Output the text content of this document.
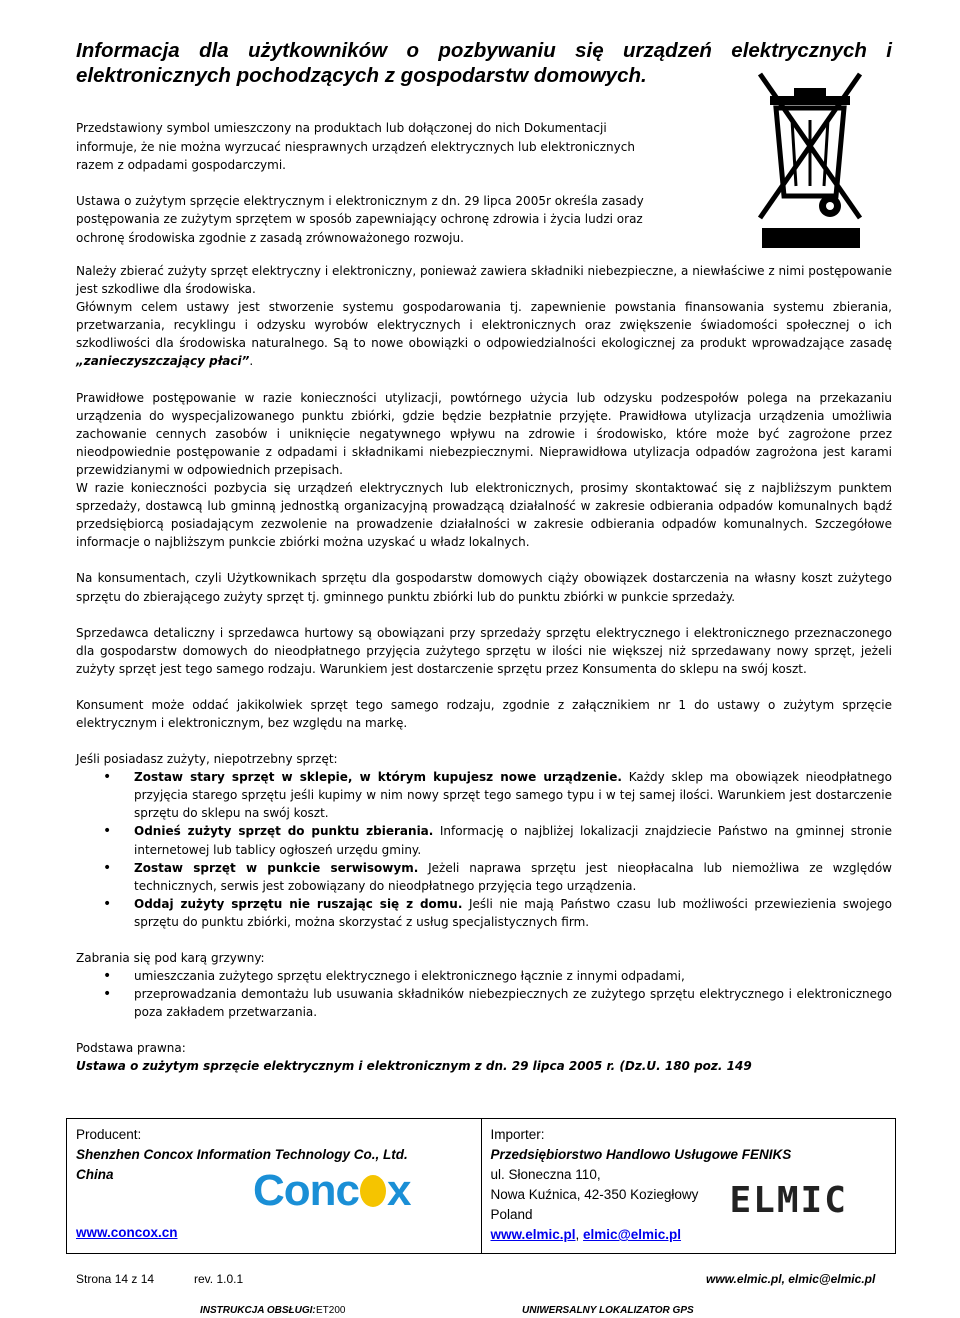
Informacja dla użytkowników o pozbywaniu się urządzeń elektrycznych i elektronicznych pochodzących z gospodarstw domowych.

Przedstawiony symbol umieszczony na produktach lub dołączonej do nich Dokumentacji informuje, że nie można wyrzucać niesprawnych urządzeń elektrycznych lub elektronicznych razem z odpadami gospodarczymi.

Ustawa o zużytym sprzęcie elektrycznym i elektronicznym z dn. 29 lipca 2005r określa zasady postępowania ze zużytym sprzętem w sposób zapewniający ochronę zdrowia i życia ludzi oraz ochronę środowiska zgodnie z zasadą zrównoważonego rozwoju.

Należy zbierać zużyty sprzęt elektryczny i elektroniczny, ponieważ zawiera składniki niebezpieczne, a niewłaściwe z nimi postępowanie jest szkodliwe dla środowiska.

Głównym celem ustawy jest stworzenie systemu gospodarowania tj. zapewnienie powstania finansowania systemu zbierania, przetwarzania, recyklingu i odzysku wyrobów elektrycznych i elektronicznych oraz zwiększenie świadomości społecznej o ich szkodliwości dla środowiska naturalnego. Są to nowe obowiązki o odpowiedzialności ekologicznej za produkt wprowadzające zasadę „zanieczyszczający płaci”.

Prawidłowe postępowanie w razie konieczności utylizacji, powtórnego użycia lub odzysku podzespołów polega na przekazaniu urządzenia do wyspecjalizowanego punktu zbiórki, gdzie będzie bezpłatnie przyjęte. Prawidłowa utylizacja urządzenia umożliwia zachowanie cennych zasobów i uniknięcie negatywnego wpływu na zdrowie i środowisko, które może być zagrożone przez nieodpowiednie postępowanie z odpadami i składnikami niebezpiecznymi. Nieprawidłowa utylizacja odpadów zagrożona jest karami przewidzianymi w odpowiednich przepisach.

W razie konieczności pozbycia się urządzeń elektrycznych lub elektronicznych, prosimy skontaktować się z najbliższym punktem sprzedaży, dostawcą lub gminną jednostką organizacyjną prowadzącą działalność w zakresie odbierania odpadów komunalnych bądź przedsiębiorcą posiadającym zezwolenie na prowadzenie działalności w zakresie odbierania odpadów komunalnych. Szczegółowe informacje o najbliższym punkcie zbiórki można uzyskać u władz lokalnych.

Na konsumentach, czyli Użytkownikach sprzętu dla gospodarstw domowych ciąży obowiązek dostarczenia na własny koszt zużytego sprzętu do zbierającego zużyty sprzęt tj. gminnego punktu zbiórki lub do punktu zbiórki w punkcie sprzedaży.

Sprzedawca detaliczny i sprzedawca hurtowy są obowiązani przy sprzedaży sprzętu elektrycznego i elektronicznego przeznaczonego dla gospodarstw domowych do nieodpłatnego przyjęcia zużytego sprzętu w ilości nie większej niż sprzedawany nowy sprzęt, jeżeli zużyty sprzęt jest tego samego rodzaju. Warunkiem jest dostarczenie sprzętu przez Konsumenta do sklepu na swój koszt.

Konsument może oddać jakikolwiek sprzęt tego samego rodzaju, zgodnie z załącznikiem nr 1 do ustawy o zużytym sprzęcie elektrycznym i elektronicznym, bez względu na markę.

Jeśli posiadasz zużyty, niepotrzebny sprzęt:

• Zostaw stary sprzęt w sklepie, w którym kupujesz nowe urządzenie. Każdy sklep ma obowiązek nieodpłatnego przyjęcia starego sprzętu jeśli kupimy w nim nowy sprzęt tego samego typu i w tej samej ilości. Warunkiem jest dostarczenie sprzętu do sklepu na swój koszt.
• Odnieś zużyty sprzęt do punktu zbierania. Informację o najbliżej lokalizacji znajdziecie Państwo na gminnej stronie internetowej lub tablicy ogłoszeń urzędu gminy.
• Zostaw sprzęt w punkcie serwisowym. Jeżeli naprawa sprzętu jest nieopłacalna lub niemożliwa ze względów technicznych, serwis jest zobowiązany do nieodpłatnego przyjęcia tego urządzenia.
• Oddaj zużyty sprzętu nie ruszając się z domu. Jeśli nie mają Państwo czasu lub możliwości przewiezienia swojego sprzętu do punktu zbiórki, można skorzystać z usług specjalistycznych firm.

Zabrania się pod karą grzywny:

• umieszczania zużytego sprzętu elektrycznego i elektronicznego łącznie z innymi odpadami,
• przeprowadzania demontażu lub usuwania składników niebezpiecznych ze zużytego sprzętu elektrycznego i elektronicznego poza zakładem przetwarzania.

Podstawa prawna:

Ustawa o zużytym sprzęcie elektrycznym i elektronicznym z dn. 29 lipca 2005 r. (Dz.U. 180 poz. 149

Producent:
Shenzhen Concox Information Technology Co., Ltd.
China	Conc x
www.concox.cn
Importer:
Przedsiębiorstwo Handlowo Usługowe FENIKS
ul. Słoneczna 110,
Nowa Kuźnica, 42-350 Koziegłowy
Poland
www.elmic.pl, elmic@elmic.pl
ELMIC
Strona 14 z 14	rev. 1.0.1	www.elmic.pl, elmic@elmic.pl
INSTRUKCJA OBSŁUGI: ET200	UNIWERSALNY LOKALIZATOR GPS
